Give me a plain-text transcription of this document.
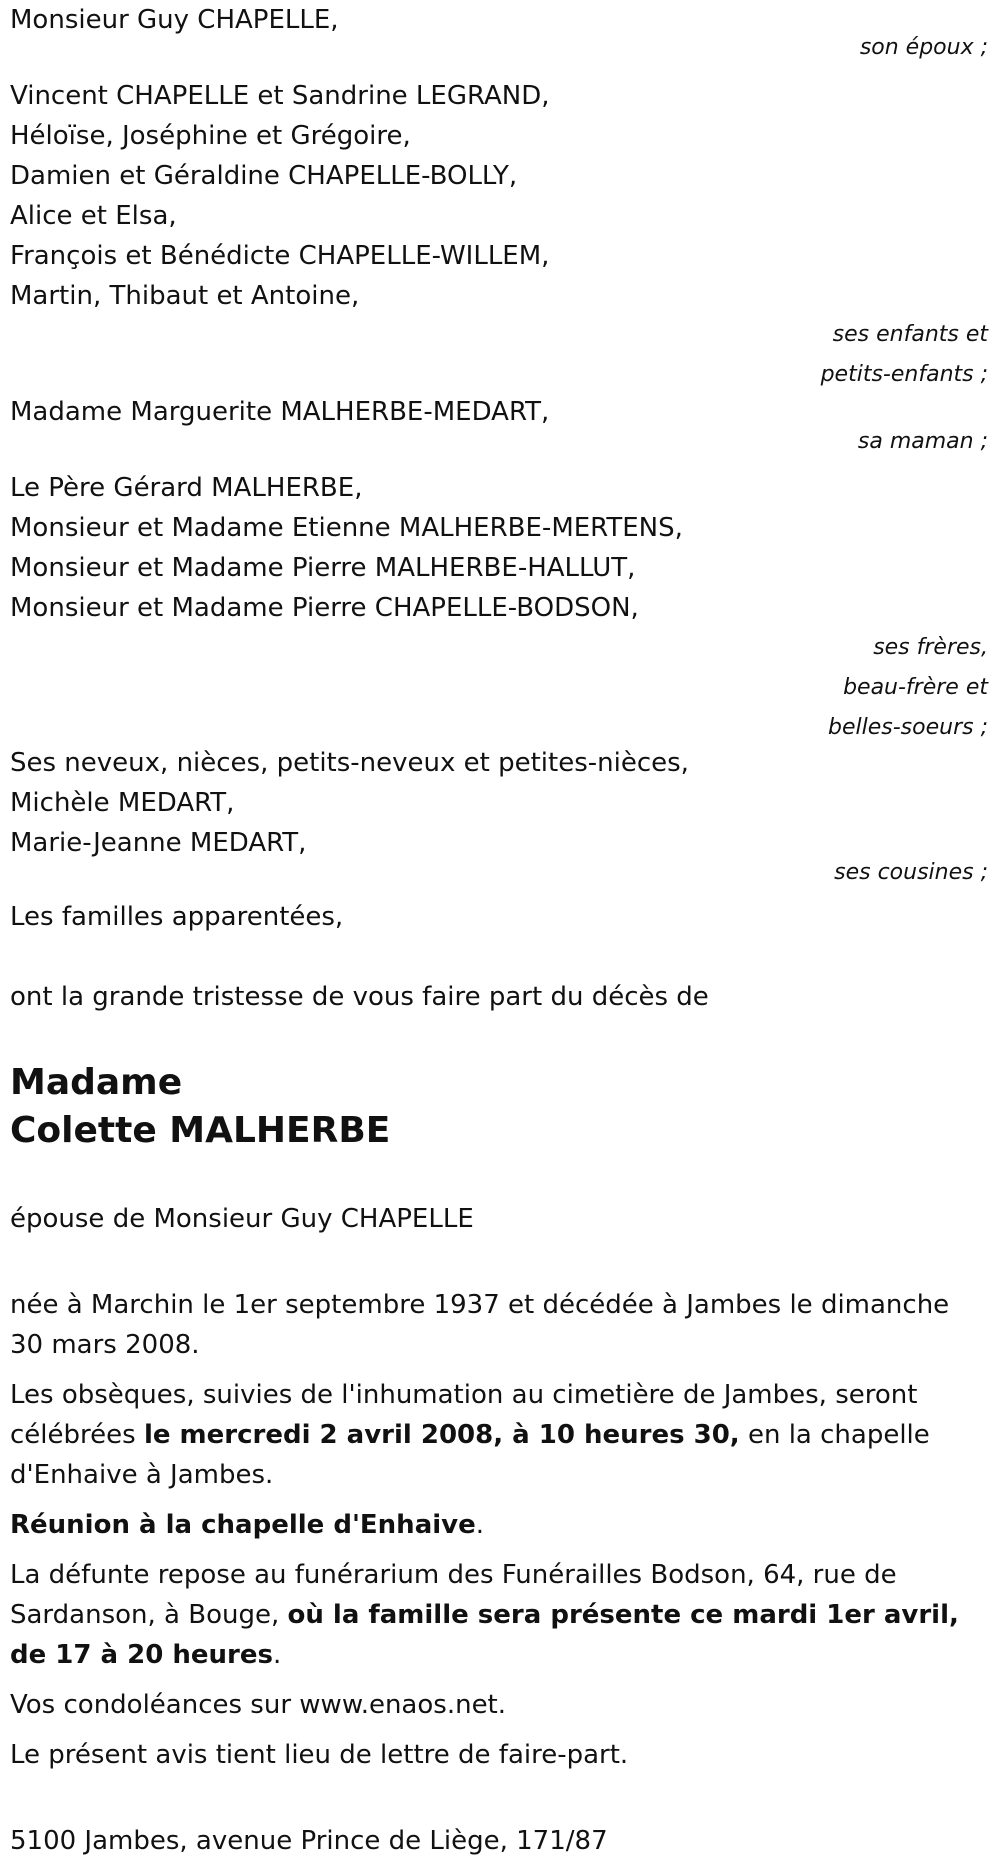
Monsieur Guy CHAPELLE,
son époux ;
Vincent CHAPELLE et Sandrine LEGRAND,
Héloïse, Joséphine et Grégoire,
Damien et Géraldine CHAPELLE-BOLLY,
Alice et Elsa,
François et Bénédicte CHAPELLE-WILLEM,
Martin, Thibaut et Antoine,
ses enfants et
petits-enfants ;
Madame Marguerite MALHERBE-MEDART,
sa maman ;
Le Père Gérard MALHERBE,
Monsieur et Madame Etienne MALHERBE-MERTENS,
Monsieur et Madame Pierre MALHERBE-HALLUT,
Monsieur et Madame Pierre CHAPELLE-BODSON,
ses frères,
beau-frère et
belles-soeurs ;
Ses neveux, nièces, petits-neveux et petites-nièces,
Michèle MEDART,
Marie-Jeanne MEDART,
ses cousines ;
Les familles apparentées,
ont la grande tristesse de vous faire part du décès de
Madame
Colette MALHERBE
épouse de Monsieur Guy CHAPELLE

née à Marchin le 1er septembre 1937 et décédée à Jambes le dimanche 30 mars 2008.

Les obsèques, suivies de l'inhumation au cimetière de Jambes, seront célébrées le mercredi 2 avril 2008, à 10 heures 30, en la chapelle d'Enhaive à Jambes.

Réunion à la chapelle d'Enhaive.

La défunte repose au funérarium des Funérailles Bodson, 64, rue de Sardanson, à Bouge, où la famille sera présente ce mardi 1er avril, de 17 à 20 heures.

Vos condoléances sur www.enaos.net.

Le présent avis tient lieu de lettre de faire-part.

5100 Jambes, avenue Prince de Liège, 171/87
